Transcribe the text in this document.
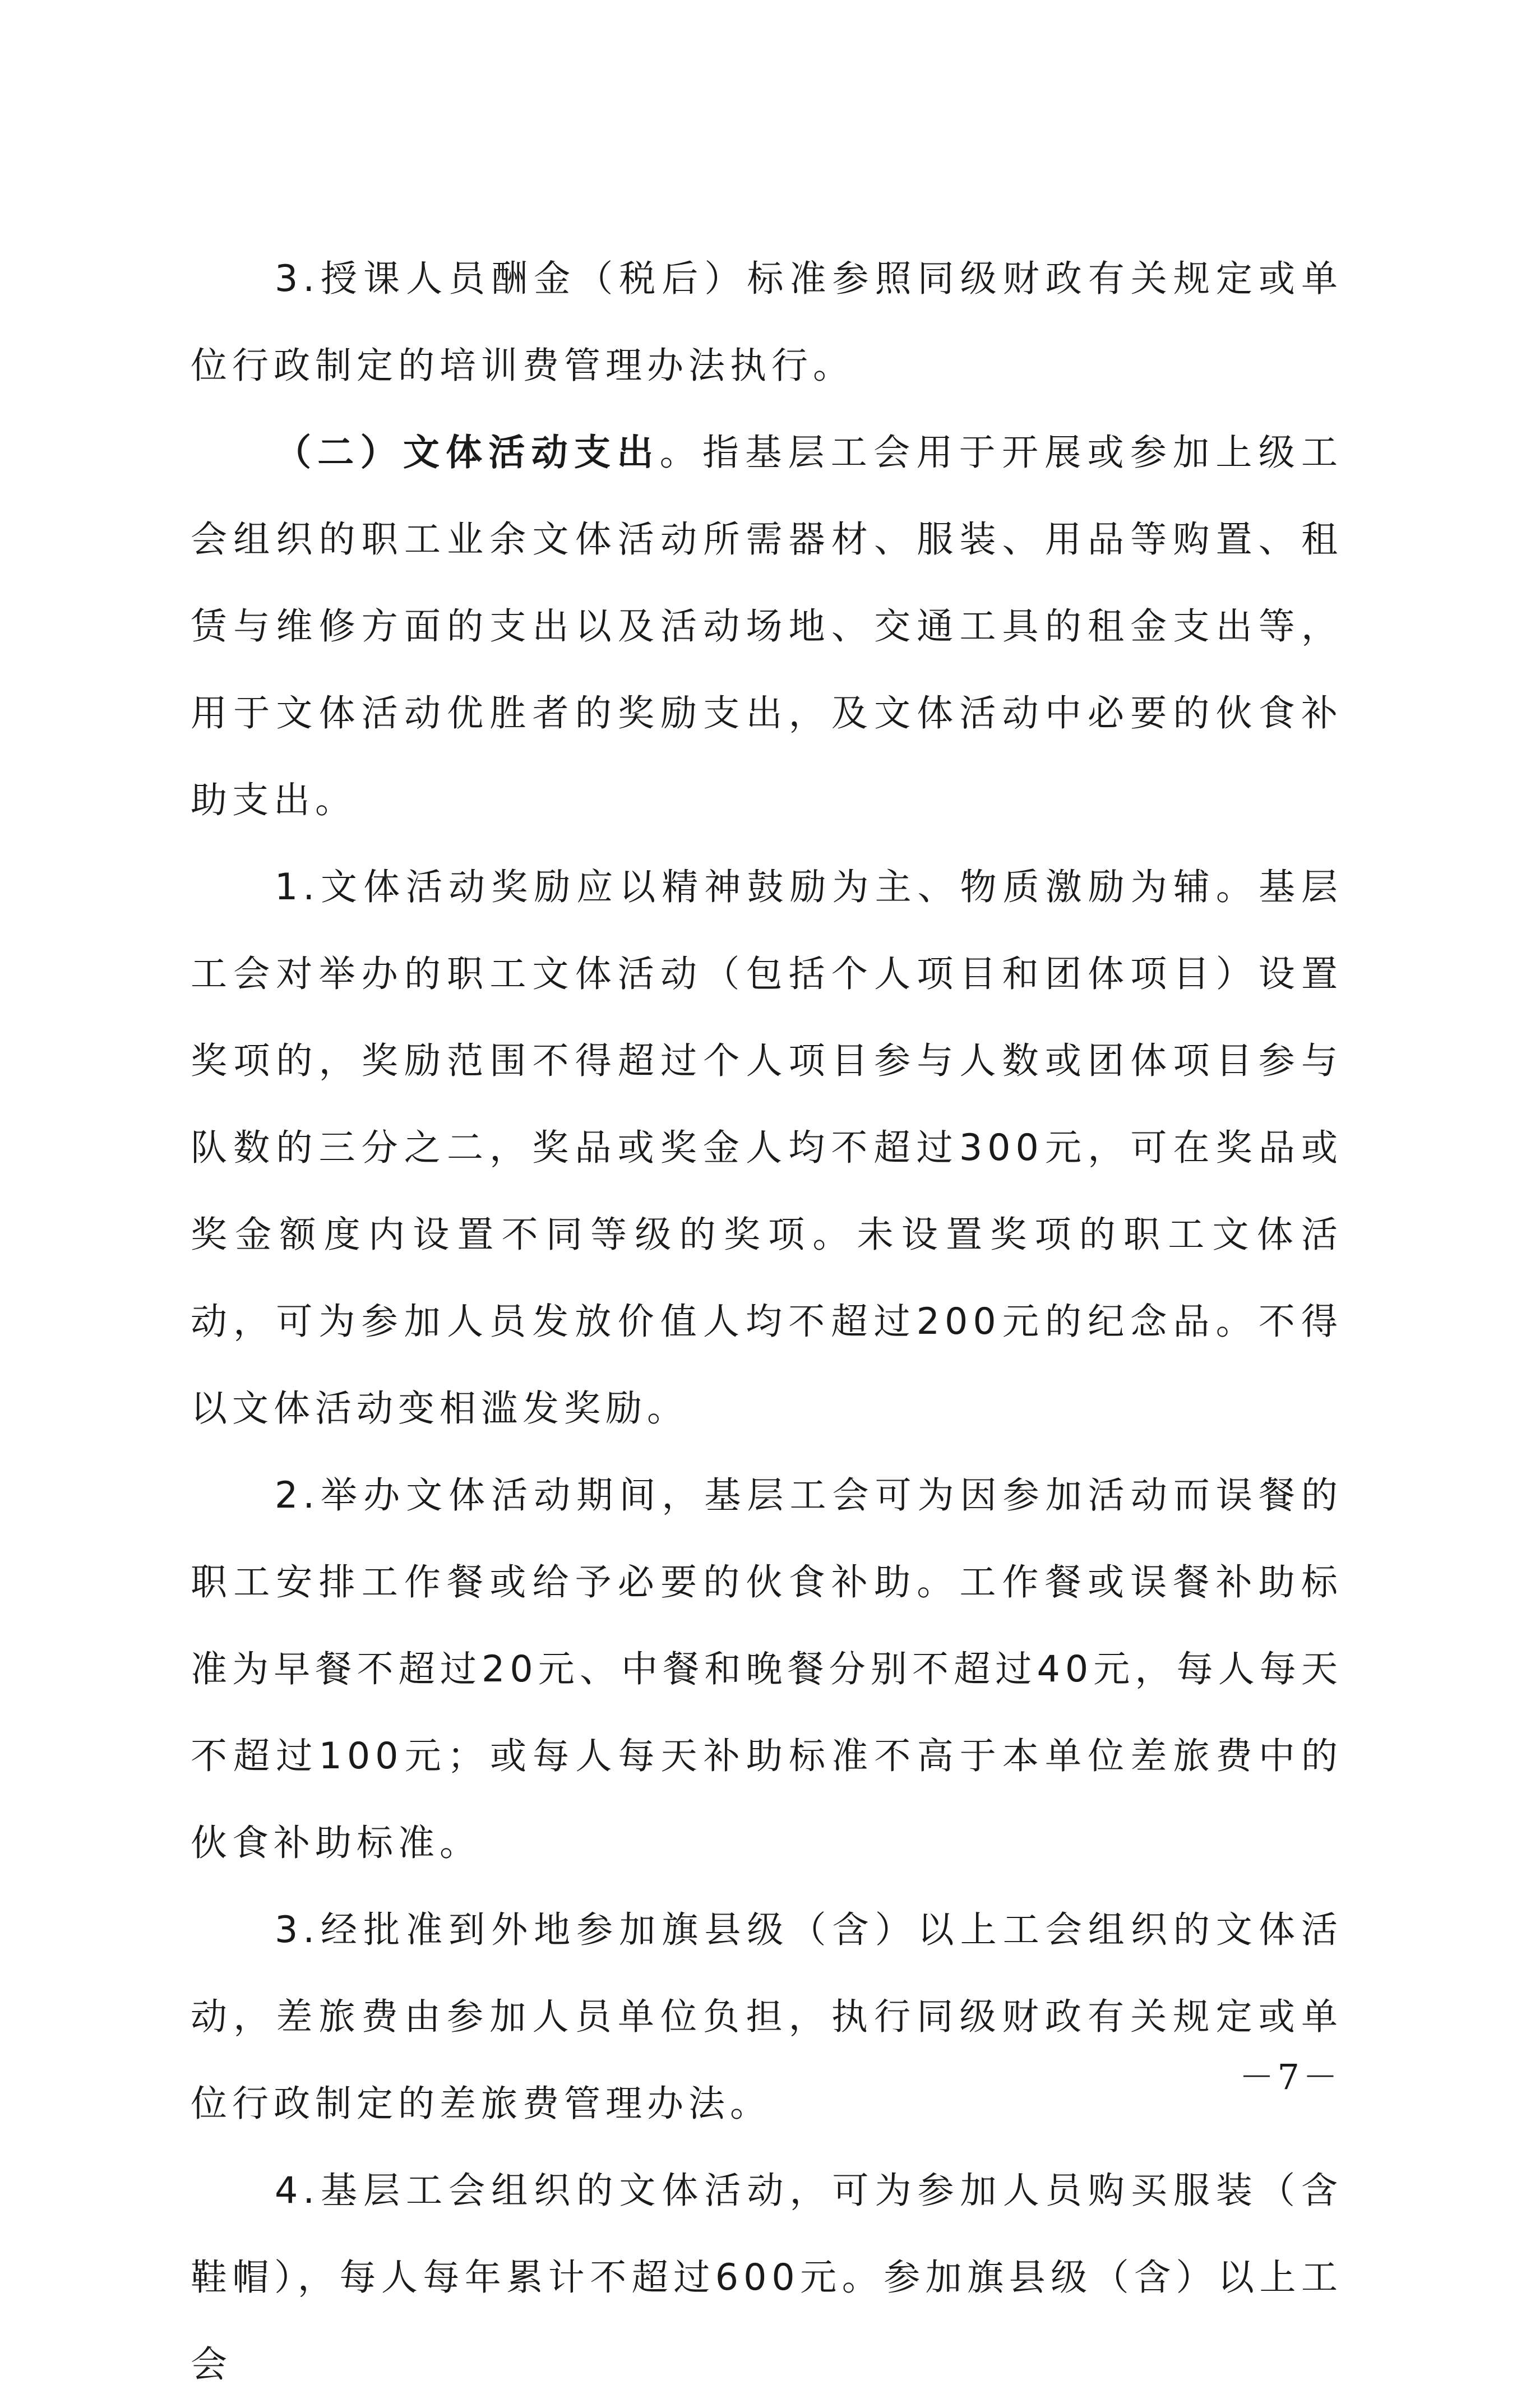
3.授课人员酬金（税后）标准参照同级财政有关规定或单位行政制定的培训费管理办法执行。

（二）文体活动支出。指基层工会用于开展或参加上级工会组织的职工业余文体活动所需器材、服装、用品等购置、租赁与维修方面的支出以及活动场地、交通工具的租金支出等，用于文体活动优胜者的奖励支出，及文体活动中必要的伙食补助支出。

1.文体活动奖励应以精神鼓励为主、物质激励为辅。基层工会对举办的职工文体活动（包括个人项目和团体项目）设置奖项的，奖励范围不得超过个人项目参与人数或团体项目参与队数的三分之二，奖品或奖金人均不超过300元，可在奖品或奖金额度内设置不同等级的奖项。未设置奖项的职工文体活动，可为参加人员发放价值人均不超过200元的纪念品。不得以文体活动变相滥发奖励。

2.举办文体活动期间，基层工会可为因参加活动而误餐的职工安排工作餐或给予必要的伙食补助。工作餐或误餐补助标准为早餐不超过20元、中餐和晚餐分别不超过40元，每人每天不超过100元；或每人每天补助标准不高于本单位差旅费中的伙食补助标准。

3.经批准到外地参加旗县级（含）以上工会组织的文体活动，差旅费由参加人员单位负担，执行同级财政有关规定或单位行政制定的差旅费管理办法。

4.基层工会组织的文体活动，可为参加人员购买服装（含鞋帽），每人每年累计不超过600元。参加旗县级（含）以上工会

－7－
